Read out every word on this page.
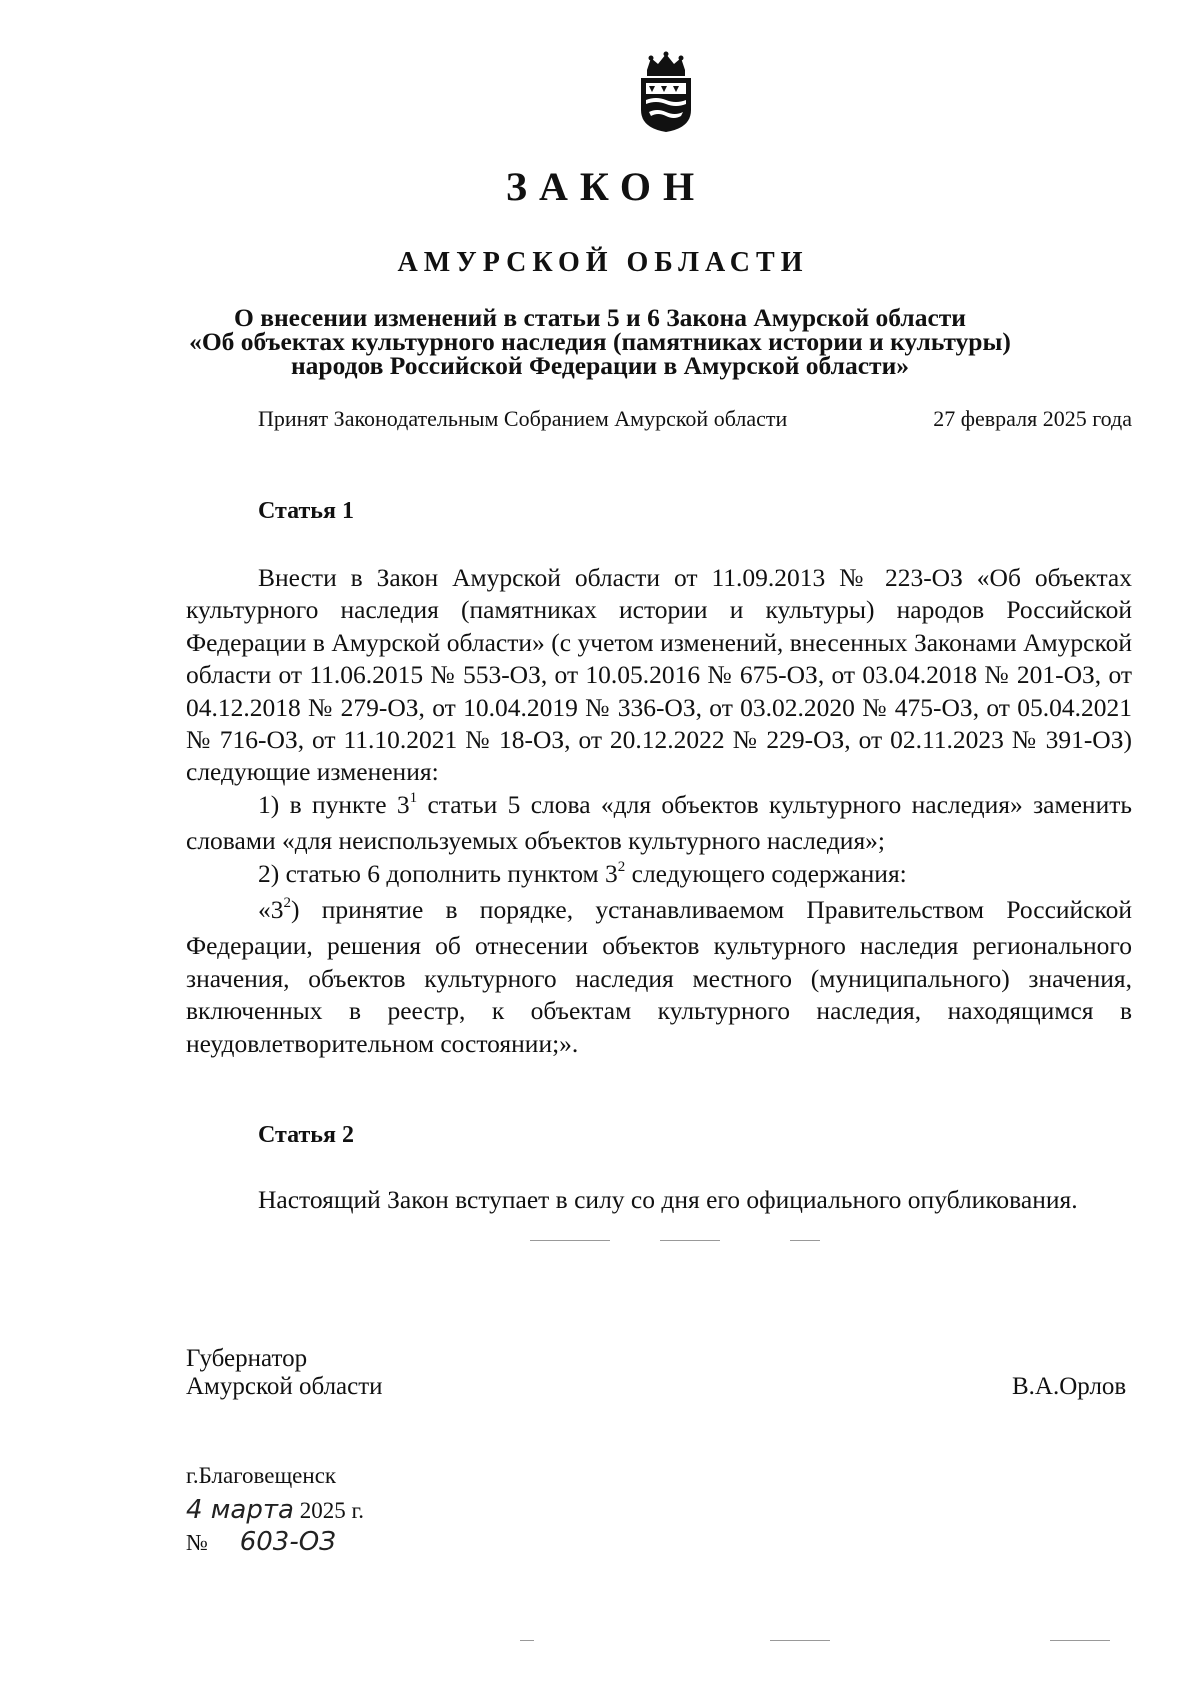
ЗАКОН
АМУРСКОЙ ОБЛАСТИ
О внесении изменений в статьи 5 и 6 Закона Амурской области
«Об объектах культурного наследия (памятниках истории и культуры)
народов Российской Федерации в Амурской области»
Принят Законодательным Собранием Амурской области	27 февраля 2025 года
Статья 1

Внести в Закон Амурской области от 11.09.2013 № 223-ОЗ «Об объектах культурного наследия (памятниках истории и культуры) народов Российской Федерации в Амурской области» (с учетом изменений, внесенных Законами Амурской области от 11.06.2015 № 553-ОЗ, от 10.05.2016 № 675-ОЗ, от 03.04.2018 № 201-ОЗ, от 04.12.2018 № 279-ОЗ, от 10.04.2019 № 336-ОЗ, от 03.02.2020 № 475-ОЗ, от 05.04.2021 № 716-ОЗ, от 11.10.2021 № 18-ОЗ, от 20.12.2022 № 229-ОЗ, от 02.11.2023 № 391-ОЗ) следующие изменения:

1) в пункте $3^1$ статьи 5 слова «для объектов культурного наследия» заменить словами «для неиспользуемых объектов культурного наследия»;

2) статью 6 дополнить пунктом $3^2$ следующего содержания:

«$3^2$) принятие в порядке, устанавливаемом Правительством Российской Федерации, решения об отнесении объектов культурного наследия регионального значения, объектов культурного наследия местного (муниципального) значения, включенных в реестр, к объектам культурного наследия, находящимся в неудовлетворительном состоянии;».

Статья 2

Настоящий Закон вступает в силу со дня его официального опубликования.

Губернатор
Амурской области	В.А.Орлов
г.Благовещенск
4 марта 2025 г.
№ 603-ОЗ
